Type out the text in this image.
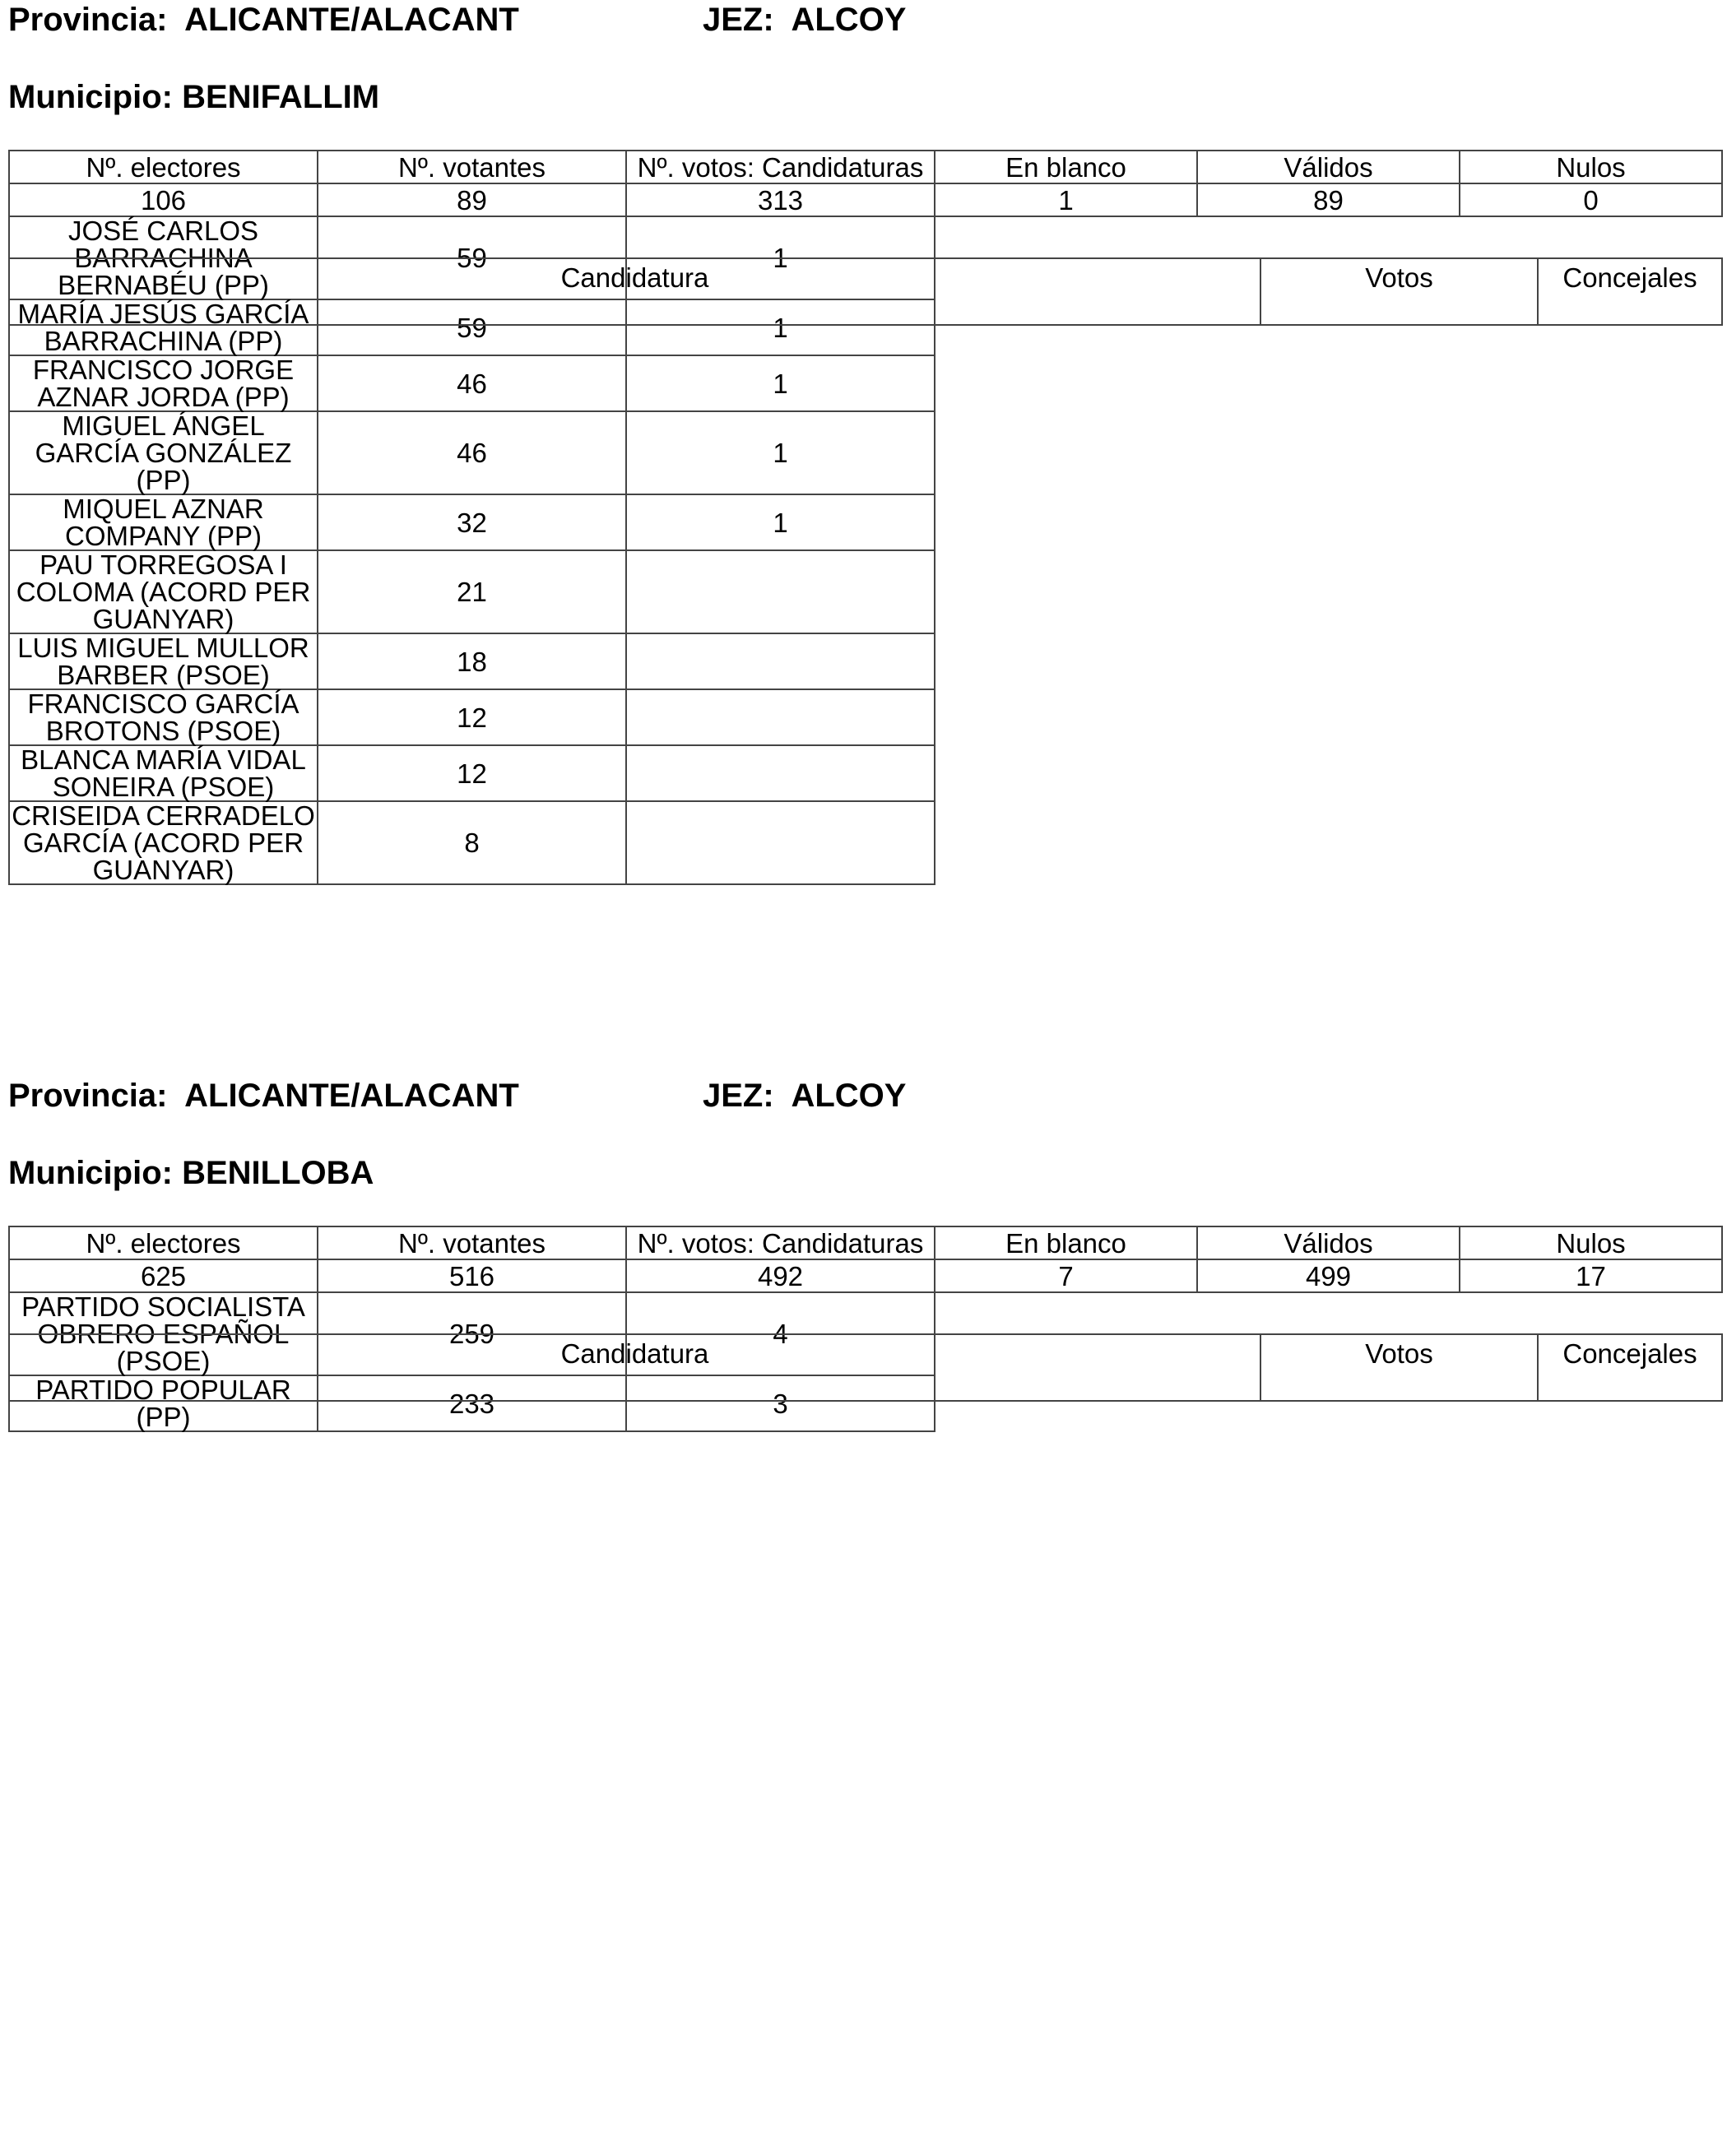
Provincia: ALICANTE/ALACANT	JEZ: ALCOY
Municipio: BENIFALLIM
Nº. electores	Nº. votantes	Nº. votos: Candidaturas	En blanco	Válidos	Nulos
106	89	313	1	89	0
JOSÉ CARLOS BARRACHINA BERNABÉU (PP)	59	1			
MARÍA JESÚS GARCÍA BARRACHINA (PP)	59	1			
FRANCISCO JORGE AZNAR JORDA (PP)	46	1			
MIGUEL ÁNGEL GARCÍA GONZÁLEZ (PP)	46	1			
MIQUEL AZNAR COMPANY (PP)	32	1			
PAU TORREGOSA I COLOMA (ACORD PER GUANYAR)	21				
LUIS MIGUEL MULLOR BARBER (PSOE)	18				
FRANCISCO GARCÍA BROTONS (PSOE)	12				
BLANCA MARÍA VIDAL SONEIRA (PSOE)	12				
CRISEIDA CERRADELO GARCÍA (ACORD PER GUANYAR)	8				
Candidatura	Votos	Concejales
Provincia: ALICANTE/ALACANT	JEZ: ALCOY
Municipio: BENILLOBA
Nº. electores	Nº. votantes	Nº. votos: Candidaturas	En blanco	Válidos	Nulos
625	516	492	7	499	17
PARTIDO SOCIALISTA OBRERO ESPAÑOL (PSOE)	259	4			
PARTIDO POPULAR (PP)	233	3			
Candidatura	Votos	Concejales
